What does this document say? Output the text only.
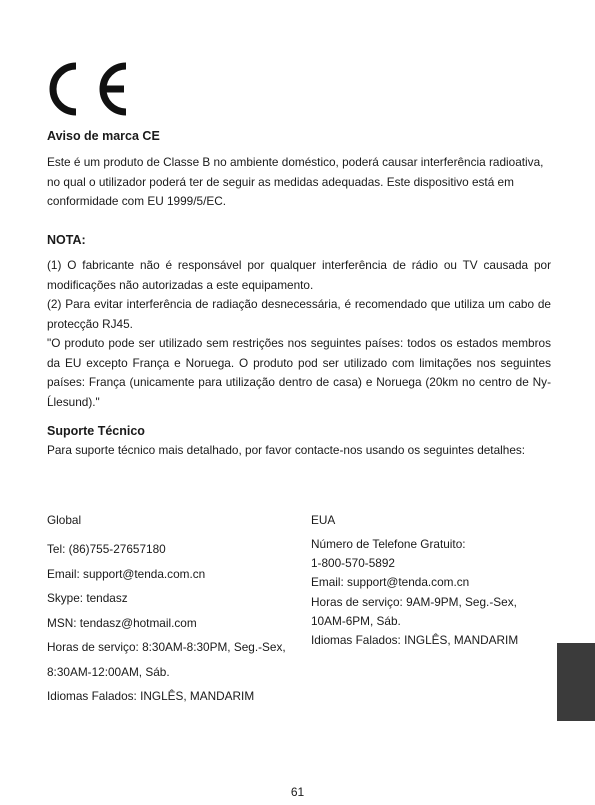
Aviso de marca CE
Este é um produto de Classe B no ambiente doméstico, poderá causar interferência radioativa,
no qual o utilizador poderá ter de seguir as medidas adequadas. Este dispositivo está em
conformidade com EU 1999/5/EC.
NOTA:
(1) O fabricante não é responsável por qualquer interferência de rádio ou TV causada por modificações não autorizadas a este equipamento.
(2) Para evitar interferência de radiação desnecessária, é recomendado que utiliza um cabo de protecção RJ45.
"O produto pode ser utilizado sem restrições nos seguintes países: todos os estados membros da EU excepto França e Noruega. O produto pod ser utilizado com limitações nos seguintes países: França (unicamente para utilização dentro de casa) e Noruega (20km no centro de Ny-Ĺlesund)."
Suporte Técnico
Para suporte técnico mais detalhado, por favor contacte-nos usando os seguintes detalhes:

Global

Tel: (86)755-27657180

Email: support@tenda.com.cn

Skype: tendasz

MSN: tendasz@hotmail.com

Horas de serviço: 8:30AM-8:30PM, Seg.-Sex,

8:30AM-12:00AM, Sáb.

Idiomas Falados: INGLÊS, MANDARIM

EUA

Número de Telefone Gratuito:

1-800-570-5892

Email: support@tenda.com.cn

Horas de serviço: 9AM-9PM, Seg.-Sex,

10AM-6PM, Sáb.

Idiomas Falados: INGLÊS, MANDARIM

61
